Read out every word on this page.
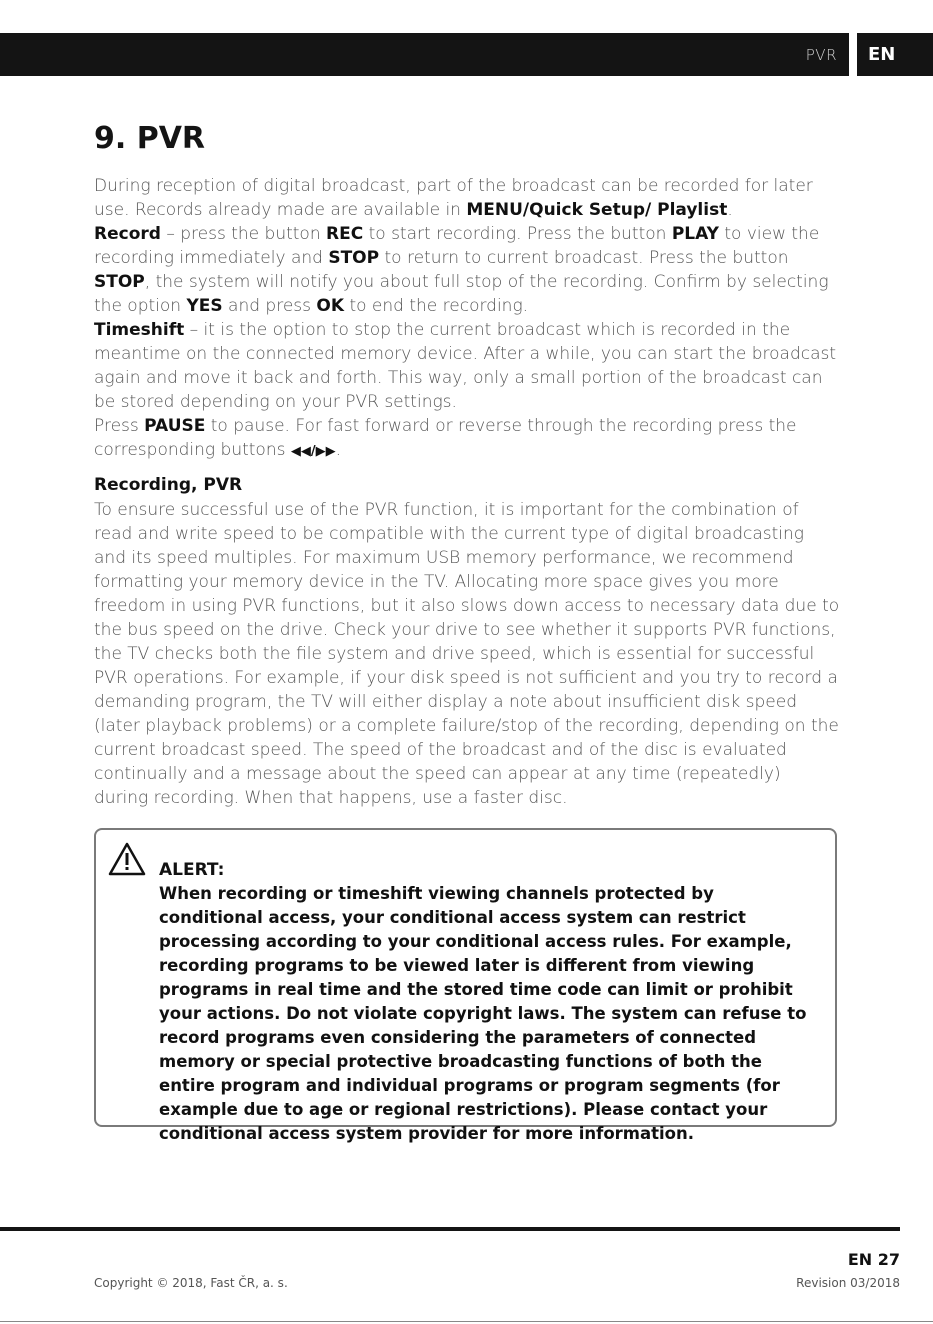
PVR	EN
9. PVR

During reception of digital broadcast, part of the broadcast can be recorded for later use. Records already made are available in MENU/Quick Setup/ Playlist.

Record – press the button REC to start recording. Press the button PLAY to view the recording immediately and STOP to return to current broadcast. Press the button STOP, the system will notify you about full stop of the recording. Confirm by selecting the option YES and press OK to end the recording.

Timeshift – it is the option to stop the current broadcast which is recorded in the meantime on the connected memory device. After a while, you can start the broadcast again and move it back and forth. This way, only a small portion of the broadcast can be stored depending on your PVR settings.

Press PAUSE to pause. For fast forward or reverse through the recording press the corresponding buttons ◀◀/▶▶.

Recording, PVR

To ensure successful use of the PVR function, it is important for the combination of read and write speed to be compatible with the current type of digital broadcasting and its speed multiples. For maximum USB memory performance, we recommend formatting your memory device in the TV. Allocating more space gives you more freedom in using PVR functions, but it also slows down access to necessary data due to the bus speed on the drive. Check your drive to see whether it supports PVR functions, the TV checks both the file system and drive speed, which is essential for successful PVR operations. For example, if your disk speed is not sufficient and you try to record a demanding program, the TV will either display a note about insufficient disk speed (later playback problems) or a complete failure/stop of the recording, depending on the current broadcast speed. The speed of the broadcast and of the disc is evaluated continually and a message about the speed can appear at any time (repeatedly) during recording. When that happens, use a faster disc.

ALERT:

When recording or timeshift viewing channels protected by conditional access, your conditional access system can restrict processing according to your conditional access rules. For example, recording programs to be viewed later is different from viewing programs in real time and the stored time code can limit or prohibit your actions. Do not violate copyright laws. The system can refuse to record programs even considering the parameters of connected memory or special protective broadcasting functions of both the entire program and individual programs or program segments (for example due to age or regional restrictions). Please contact your conditional access system provider for more information.

EN 27
Copyright © 2018, Fast ČR, a. s.	Revision 03/2018
